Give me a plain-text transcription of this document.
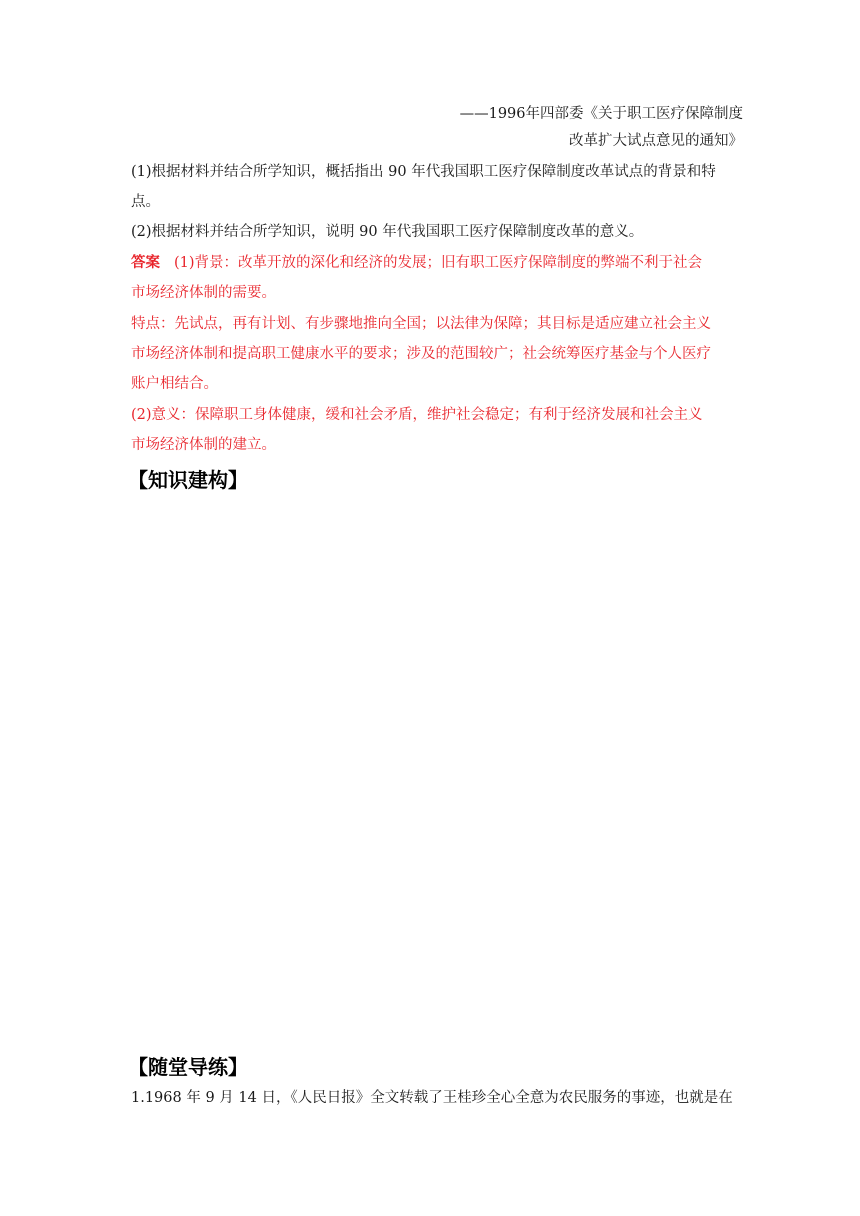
——1996年四部委《关于职工医疗保障制度
改革扩大试点意见的通知》
(1)根据材料并结合所学知识，概括指出 90 年代我国职工医疗保障制度改革试点的背景和特
点。
(2)根据材料并结合所学知识，说明 90 年代我国职工医疗保障制度改革的意义。
答案 (1)背景：改革开放的深化和经济的发展；旧有职工医疗保障制度的弊端不利于社会
市场经济体制的需要。
特点：先试点，再有计划、有步骤地推向全国；以法律为保障；其目标是适应建立社会主义
市场经济体制和提高职工健康水平的要求；涉及的范围较广；社会统筹医疗基金与个人医疗
账户相结合。
(2)意义：保障职工身体健康，缓和社会矛盾，维护社会稳定；有利于经济发展和社会主义
市场经济体制的建立。
【知识建构】
【随堂导练】
1.1968 年 9 月 14 日，《人民日报》全文转载了王桂珍全心全意为农民服务的事迹，也就是在
